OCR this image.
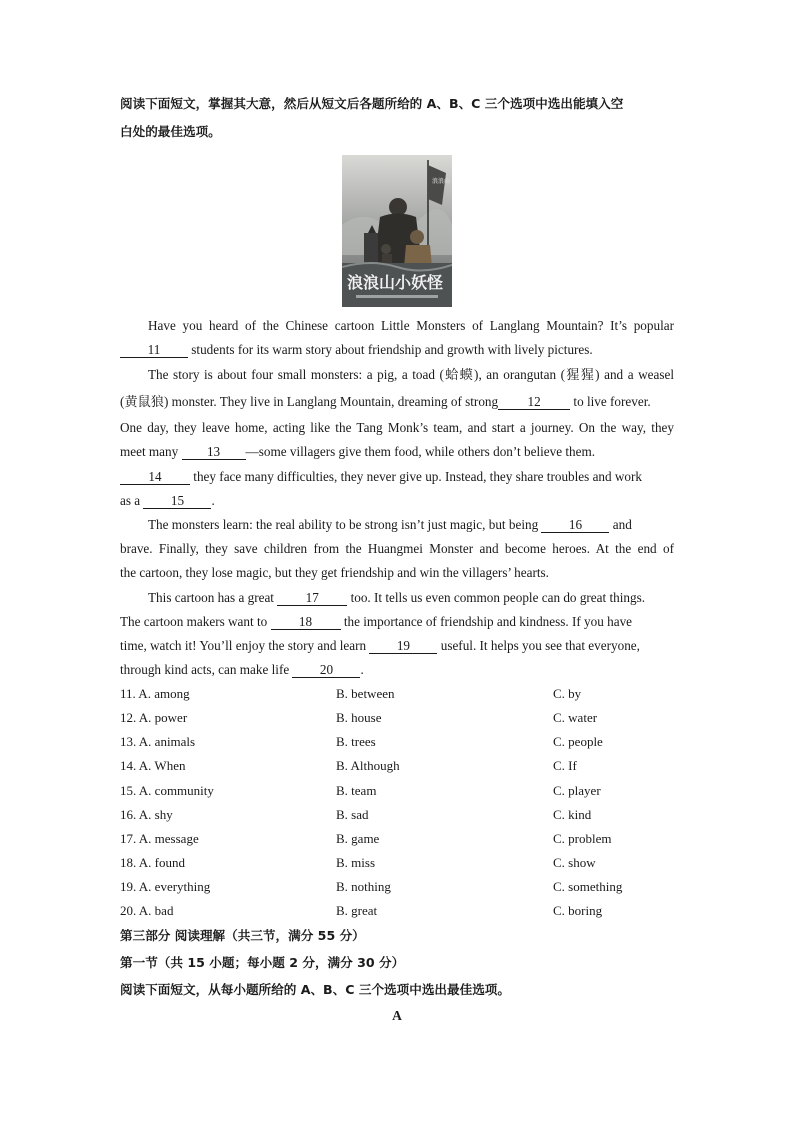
阅读下面短文，掌握其大意，然后从短文后各题所给的 A、B、C 三个选项中选出能填入空
白处的最佳选项。
浪浪山
浪浪山小妖怪
Have you heard of the Chinese cartoon Little Monsters of Langlang Mountain? It’s popular
11 students for its warm story about friendship and growth with lively pictures.
The story is about four small monsters: a pig, a toad (蛤蟆), an orangutan (猩猩) and a weasel
(黄鼠狼) monster. They live in Langlang Mountain, dreaming of strong 12 to live forever.
One day, they leave home, acting like the Tang Monk’s team, and start a journey. On the way, they
meet many 13 —some villagers give them food, while others don’t believe them.
14 they face many difficulties, they never give up. Instead, they share troubles and work
as a 15 .
The monsters learn: the real ability to be strong isn’t just magic, but being 16 and
brave. Finally, they save children from the Huangmei Monster and become heroes. At the end of
the cartoon, they lose magic, but they get friendship and win the villagers’ hearts.
This cartoon has a great 17 too. It tells us even common people can do great things.
The cartoon makers want to 18 the importance of friendship and kindness. If you have
time, watch it! You’ll enjoy the story and learn 19 useful. It helps you see that everyone,
through kind acts, can make life 20 .
11. A. among	B. between	C. by
12. A. power	B. house	C. water
13. A. animals	B. trees	C. people
14. A. When	B. Although	C. If
15. A. community	B. team	C. player
16. A. shy	B. sad	C. kind
17. A. message	B. game	C. problem
18. A. found	B. miss	C. show
19. A. everything	B. nothing	C. something
20. A. bad	B. great	C. boring
第三部分 阅读理解（共三节，满分 55 分）
第一节（共 15 小题；每小题 2 分，满分 30 分）
阅读下面短文，从每小题所给的 A、B、C 三个选项中选出最佳选项。
A
